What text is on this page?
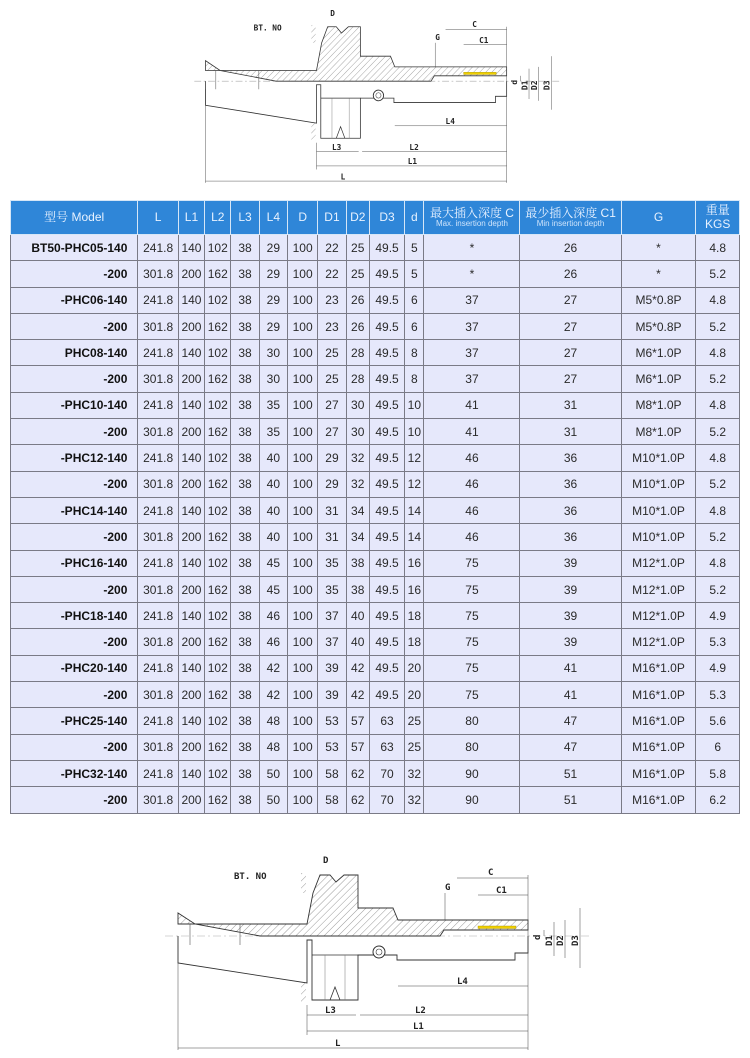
BT. NO
D
G
C
C1
d D1 D2 D3
L4
L3	L2
L1
L
型号 Model	L	L1	L2	L3	L4	D	D1	D2	D3	d	最大插入深度 C
Max. insertion depth	最少插入深度 C1
Min insertion depth	G	重量
KGS

BT50-PHC05-140	241.8	140	102	38	29	100	22	25	49.5	5	*	26	*	4.8
-200	301.8	200	162	38	29	100	22	25	49.5	5	*	26	*	5.2
-PHC06-140	241.8	140	102	38	29	100	23	26	49.5	6	37	27	M5*0.8P	4.8
-200	301.8	200	162	38	29	100	23	26	49.5	6	37	27	M5*0.8P	5.2
PHC08-140	241.8	140	102	38	30	100	25	28	49.5	8	37	27	M6*1.0P	4.8
-200	301.8	200	162	38	30	100	25	28	49.5	8	37	27	M6*1.0P	5.2
-PHC10-140	241.8	140	102	38	35	100	27	30	49.5	10	41	31	M8*1.0P	4.8
-200	301.8	200	162	38	35	100	27	30	49.5	10	41	31	M8*1.0P	5.2
-PHC12-140	241.8	140	102	38	40	100	29	32	49.5	12	46	36	M10*1.0P	4.8
-200	301.8	200	162	38	40	100	29	32	49.5	12	46	36	M10*1.0P	5.2
-PHC14-140	241.8	140	102	38	40	100	31	34	49.5	14	46	36	M10*1.0P	4.8
-200	301.8	200	162	38	40	100	31	34	49.5	14	46	36	M10*1.0P	5.2
-PHC16-140	241.8	140	102	38	45	100	35	38	49.5	16	75	39	M12*1.0P	4.8
-200	301.8	200	162	38	45	100	35	38	49.5	16	75	39	M12*1.0P	5.2
-PHC18-140	241.8	140	102	38	46	100	37	40	49.5	18	75	39	M12*1.0P	4.9
-200	301.8	200	162	38	46	100	37	40	49.5	18	75	39	M12*1.0P	5.3
-PHC20-140	241.8	140	102	38	42	100	39	42	49.5	20	75	41	M16*1.0P	4.9
-200	301.8	200	162	38	42	100	39	42	49.5	20	75	41	M16*1.0P	5.3
-PHC25-140	241.8	140	102	38	48	100	53	57	63	25	80	47	M16*1.0P	5.6
-200	301.8	200	162	38	48	100	53	57	63	25	80	47	M16*1.0P	6
-PHC32-140	241.8	140	102	38	50	100	58	62	70	32	90	51	M16*1.0P	5.8
-200	301.8	200	162	38	50	100	58	62	70	32	90	51	M16*1.0P	6.2
BT. NO
D
G
C
C1
d D1 D2 D3
L4
L3	L2
L1
L
